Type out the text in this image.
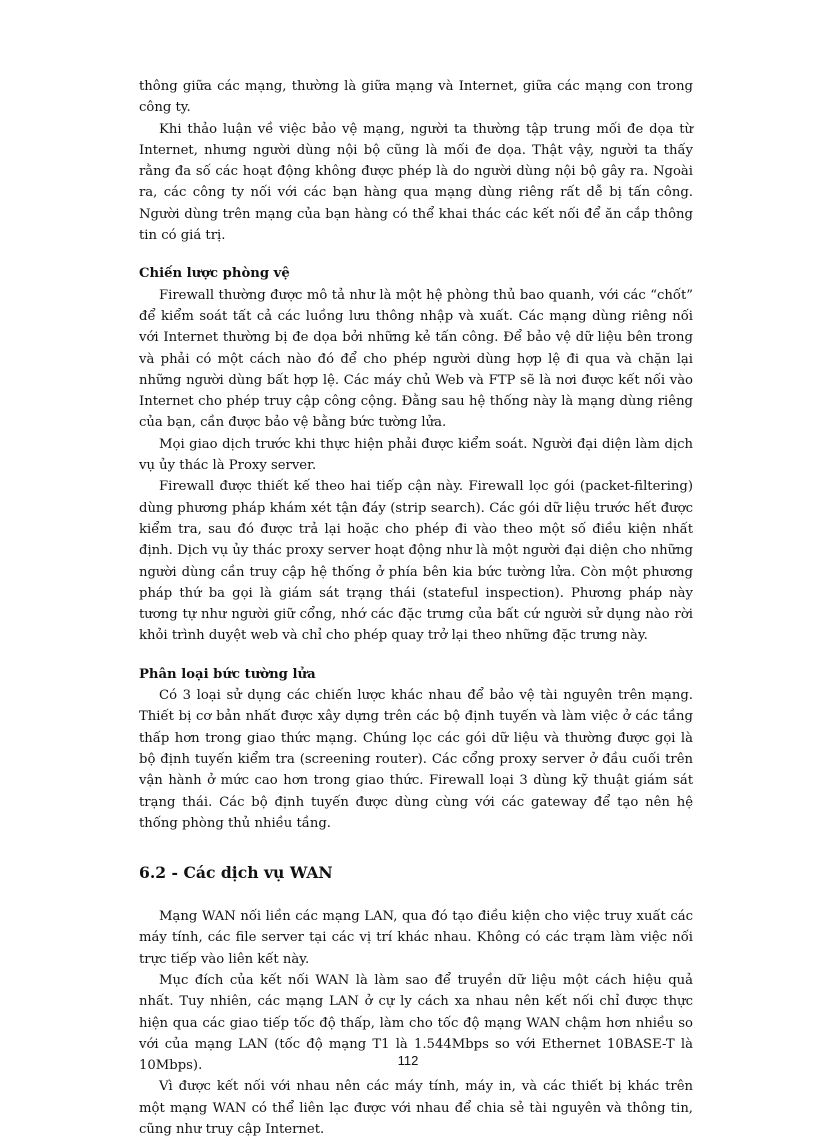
thông giữa các mạng, thường là giữa mạng và Internet, giữa các mạng con trong công ty.

Khi thảo luận về việc bảo vệ mạng, người ta thường tập trung mối đe dọa từ Internet, nhưng người dùng nội bộ cũng là mối đe dọa. Thật vậy, người ta thấy rằng đa số các hoạt động không được phép là do người dùng nội bộ gây ra. Ngoài ra, các công ty nối với các bạn hàng qua mạng dùng riêng rất dễ bị tấn công. Người dùng trên mạng của bạn hàng có thể khai thác các kết nối để ăn cắp thông tin có giá trị.

Chiến lược phòng vệ

Firewall thường được mô tả như là một hệ phòng thủ bao quanh, với các “chốt” để kiểm soát tất cả các luồng lưu thông nhập và xuất. Các mạng dùng riêng nối với Internet thường bị đe dọa bởi những kẻ tấn công. Để bảo vệ dữ liệu bên trong và phải có một cách nào đó để cho phép người dùng hợp lệ đi qua và chặn lại những người dùng bất hợp lệ. Các máy chủ Web và FTP sẽ là nơi được kết nối vào Internet cho phép truy cập công cộng. Đằng sau hệ thống này là mạng dùng riêng của bạn, cần được bảo vệ bằng bức tường lửa.

Mọi giao dịch trước khi thực hiện phải được kiểm soát. Người đại diện làm dịch vụ ủy thác là Proxy server.

Firewall được thiết kế theo hai tiếp cận này. Firewall lọc gói (packet-filtering) dùng phương pháp khám xét tận đáy (strip search). Các gói dữ liệu trước hết được kiểm tra, sau đó được trả lại hoặc cho phép đi vào theo một số điều kiện nhất định. Dịch vụ ủy thác proxy server hoạt động như là một người đại diện cho những người dùng cần truy cập hệ thống ở phía bên kia bức tường lửa. Còn một phương pháp thứ ba gọi là giám sát trạng thái (stateful inspection). Phương pháp này tương tự như người giữ cổng, nhớ các đặc trưng của bất cứ người sử dụng nào rời khỏi trình duyệt web và chỉ cho phép quay trở lại theo những đặc trưng này.

Phân loại bức tường lửa

Có 3 loại sử dụng các chiến lược khác nhau để bảo vệ tài nguyên trên mạng. Thiết bị cơ bản nhất được xây dựng trên các bộ định tuyến và làm việc ở các tầng thấp hơn trong giao thức mạng. Chúng lọc các gói dữ liệu và thường được gọi là bộ định tuyến kiểm tra (screening router). Các cổng proxy server ở đầu cuối trên vận hành ở mức cao hơn trong giao thức. Firewall loại 3 dùng kỹ thuật giám sát trạng thái. Các bộ định tuyến được dùng cùng với các gateway để tạo nên hệ thống phòng thủ nhiều tầng.

6.2 - Các dịch vụ WAN

Mạng WAN nối liền các mạng LAN, qua đó tạo điều kiện cho việc truy xuất các máy tính, các file server tại các vị trí khác nhau. Không có các trạm làm việc nối trực tiếp vào liên kết này.

Mục đích của kết nối WAN là làm sao để truyền dữ liệu một cách hiệu quả nhất. Tuy nhiên, các mạng LAN ở cự ly cách xa nhau nên kết nối chỉ được thực hiện qua các giao tiếp tốc độ thấp, làm cho tốc độ mạng WAN chậm hơn nhiều so với của mạng LAN (tốc độ mạng T1 là 1.544Mbps so với Ethernet 10BASE-T là 10Mbps).

Vì được kết nối với nhau nên các máy tính, máy in, và các thiết bị khác trên một mạng WAN có thể liên lạc được với nhau để chia sẻ tài nguyên và thông tin, cũng như truy cập Internet.

112
